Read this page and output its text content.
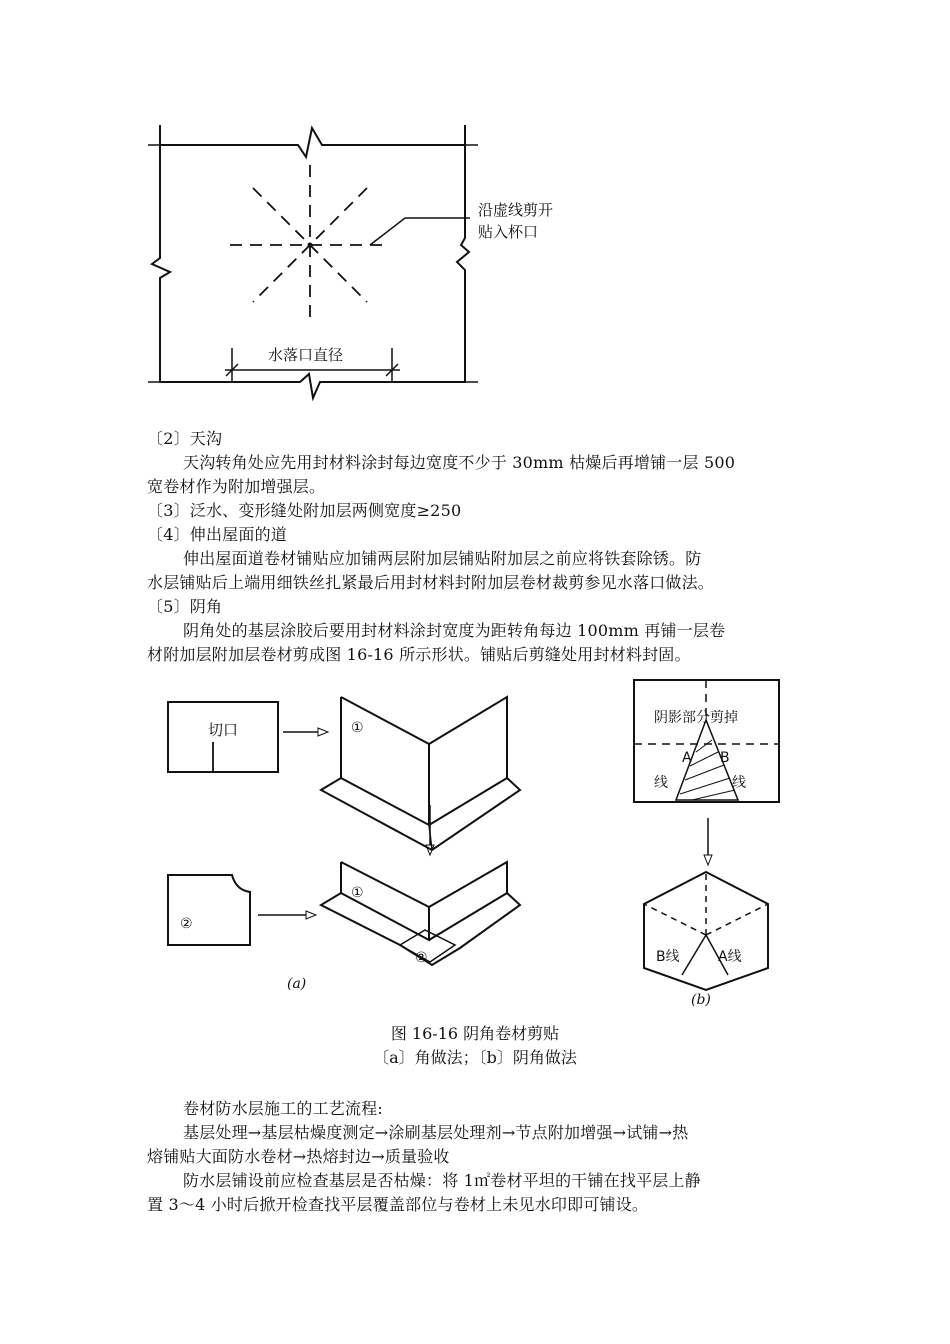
沿虚线剪开
贴入杯口
水落口直径
〔2〕天沟
天沟转角处应先用封材料涂封每边宽度不少于 30mm 枯燥后再增铺一层 500
宽卷材作为附加增强层。
〔3〕泛水、变形缝处附加层两侧宽度≥250
〔4〕伸出屋面的道
伸出屋面道卷材铺贴应加铺两层附加层铺贴附加层之前应将铁套除锈。防
水层铺贴后上端用细铁丝扎紧最后用封材料封附加层卷材裁剪参见水落口做法。
〔5〕阴角
阴角处的基层涂胶后要用封材料涂封宽度为距转角每边 100mm 再铺一层卷
材附加层附加层卷材剪成图 16-16 所示形状。铺贴后剪缝处用封材料封固。
切口	①
②
①
②
(a)
阴影部分剪掉
A B
线	线
B线	A线
(b)
图 16-16 阴角卷材剪贴
〔a〕角做法；〔b〕阴角做法
卷材防水层施工的工艺流程:
基层处理→基层枯燥度测定→涂刷基层处理剂→节点附加增强→试铺→热
熔铺贴大面防水卷材→热熔封边→质量验收
防水层铺设前应检查基层是否枯燥：将 1㎡卷材平坦的干铺在找平层上静
置 3～4 小时后掀开检查找平层覆盖部位与卷材上未见水印即可铺设。
